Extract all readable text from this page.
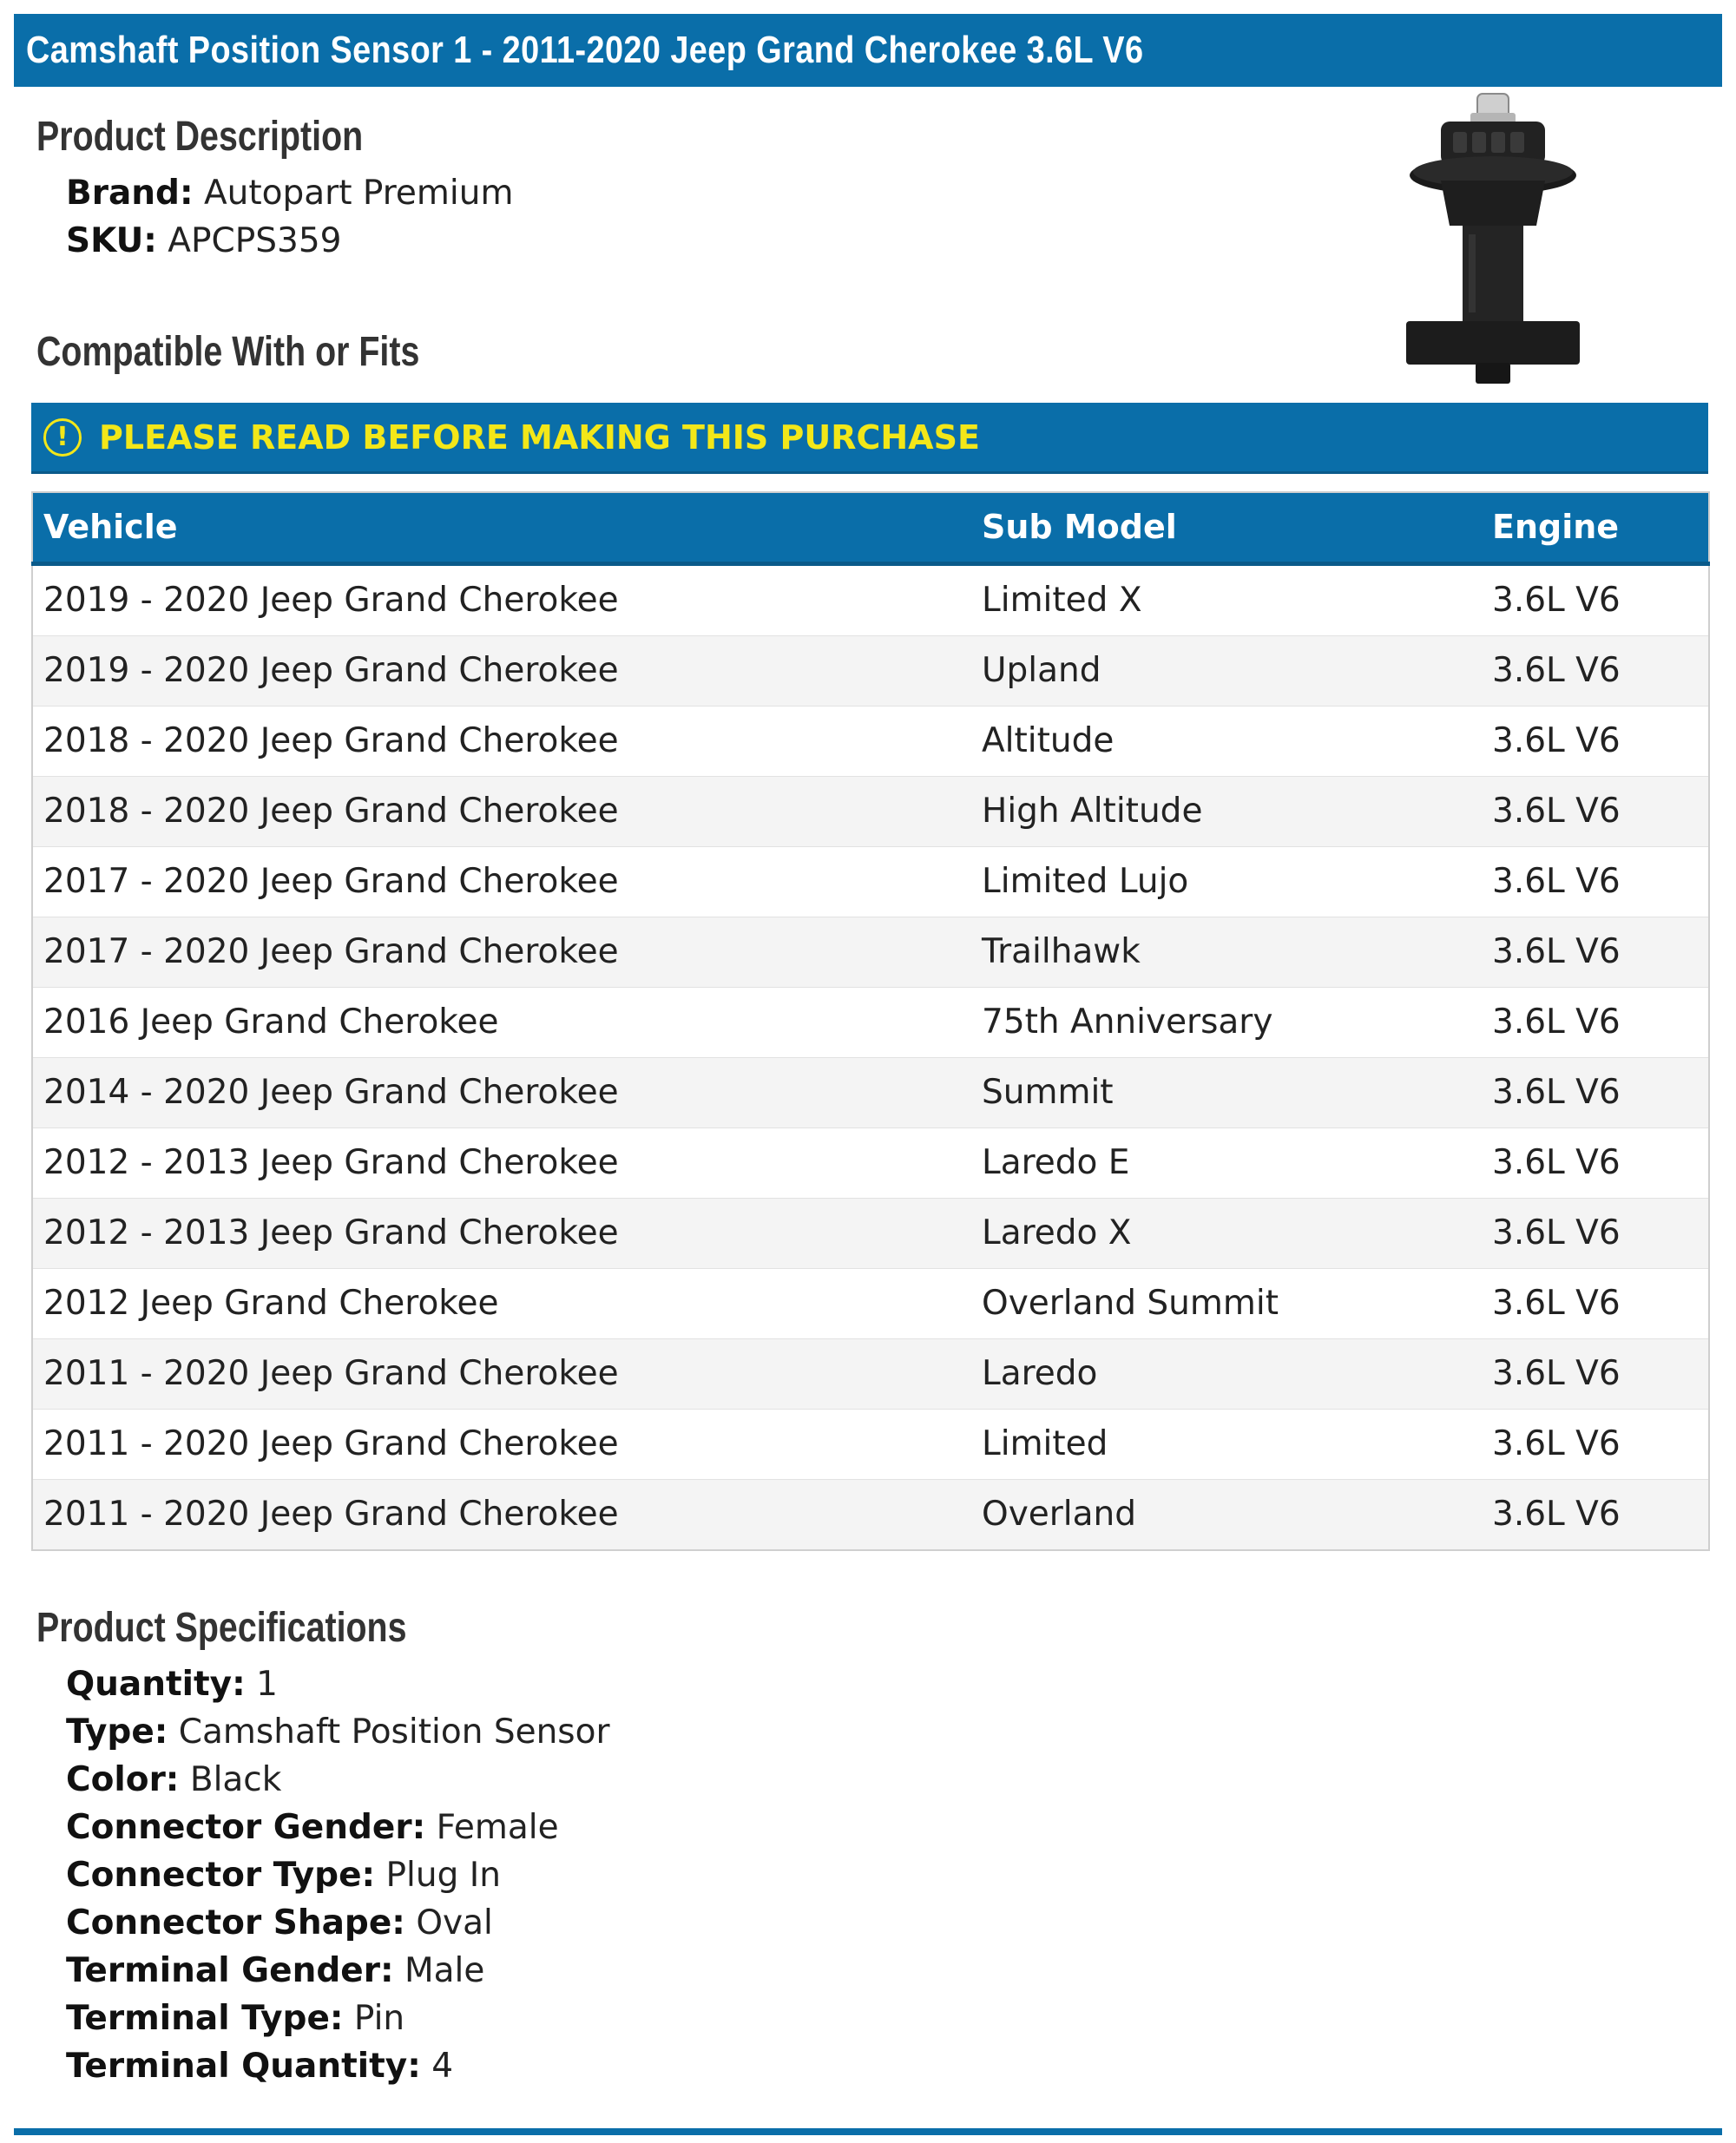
Camshaft Position Sensor 1 - 2011-2020 Jeep Grand Cherokee 3.6L V6
Product Description
Brand: Autopart Premium
SKU: APCPS359
Compatible With or Fits
! PLEASE READ BEFORE MAKING THIS PURCHASE
Vehicle	Sub Model	Engine
2019 - 2020 Jeep Grand Cherokee	Limited X	3.6L V6
2019 - 2020 Jeep Grand Cherokee	Upland	3.6L V6
2018 - 2020 Jeep Grand Cherokee	Altitude	3.6L V6
2018 - 2020 Jeep Grand Cherokee	High Altitude	3.6L V6
2017 - 2020 Jeep Grand Cherokee	Limited Lujo	3.6L V6
2017 - 2020 Jeep Grand Cherokee	Trailhawk	3.6L V6
2016 Jeep Grand Cherokee	75th Anniversary	3.6L V6
2014 - 2020 Jeep Grand Cherokee	Summit	3.6L V6
2012 - 2013 Jeep Grand Cherokee	Laredo E	3.6L V6
2012 - 2013 Jeep Grand Cherokee	Laredo X	3.6L V6
2012 Jeep Grand Cherokee	Overland Summit	3.6L V6
2011 - 2020 Jeep Grand Cherokee	Laredo	3.6L V6
2011 - 2020 Jeep Grand Cherokee	Limited	3.6L V6
2011 - 2020 Jeep Grand Cherokee	Overland	3.6L V6
Product Specifications
Quantity: 1
Type: Camshaft Position Sensor
Color: Black
Connector Gender: Female
Connector Type: Plug In
Connector Shape: Oval
Terminal Gender: Male
Terminal Type: Pin
Terminal Quantity: 4
